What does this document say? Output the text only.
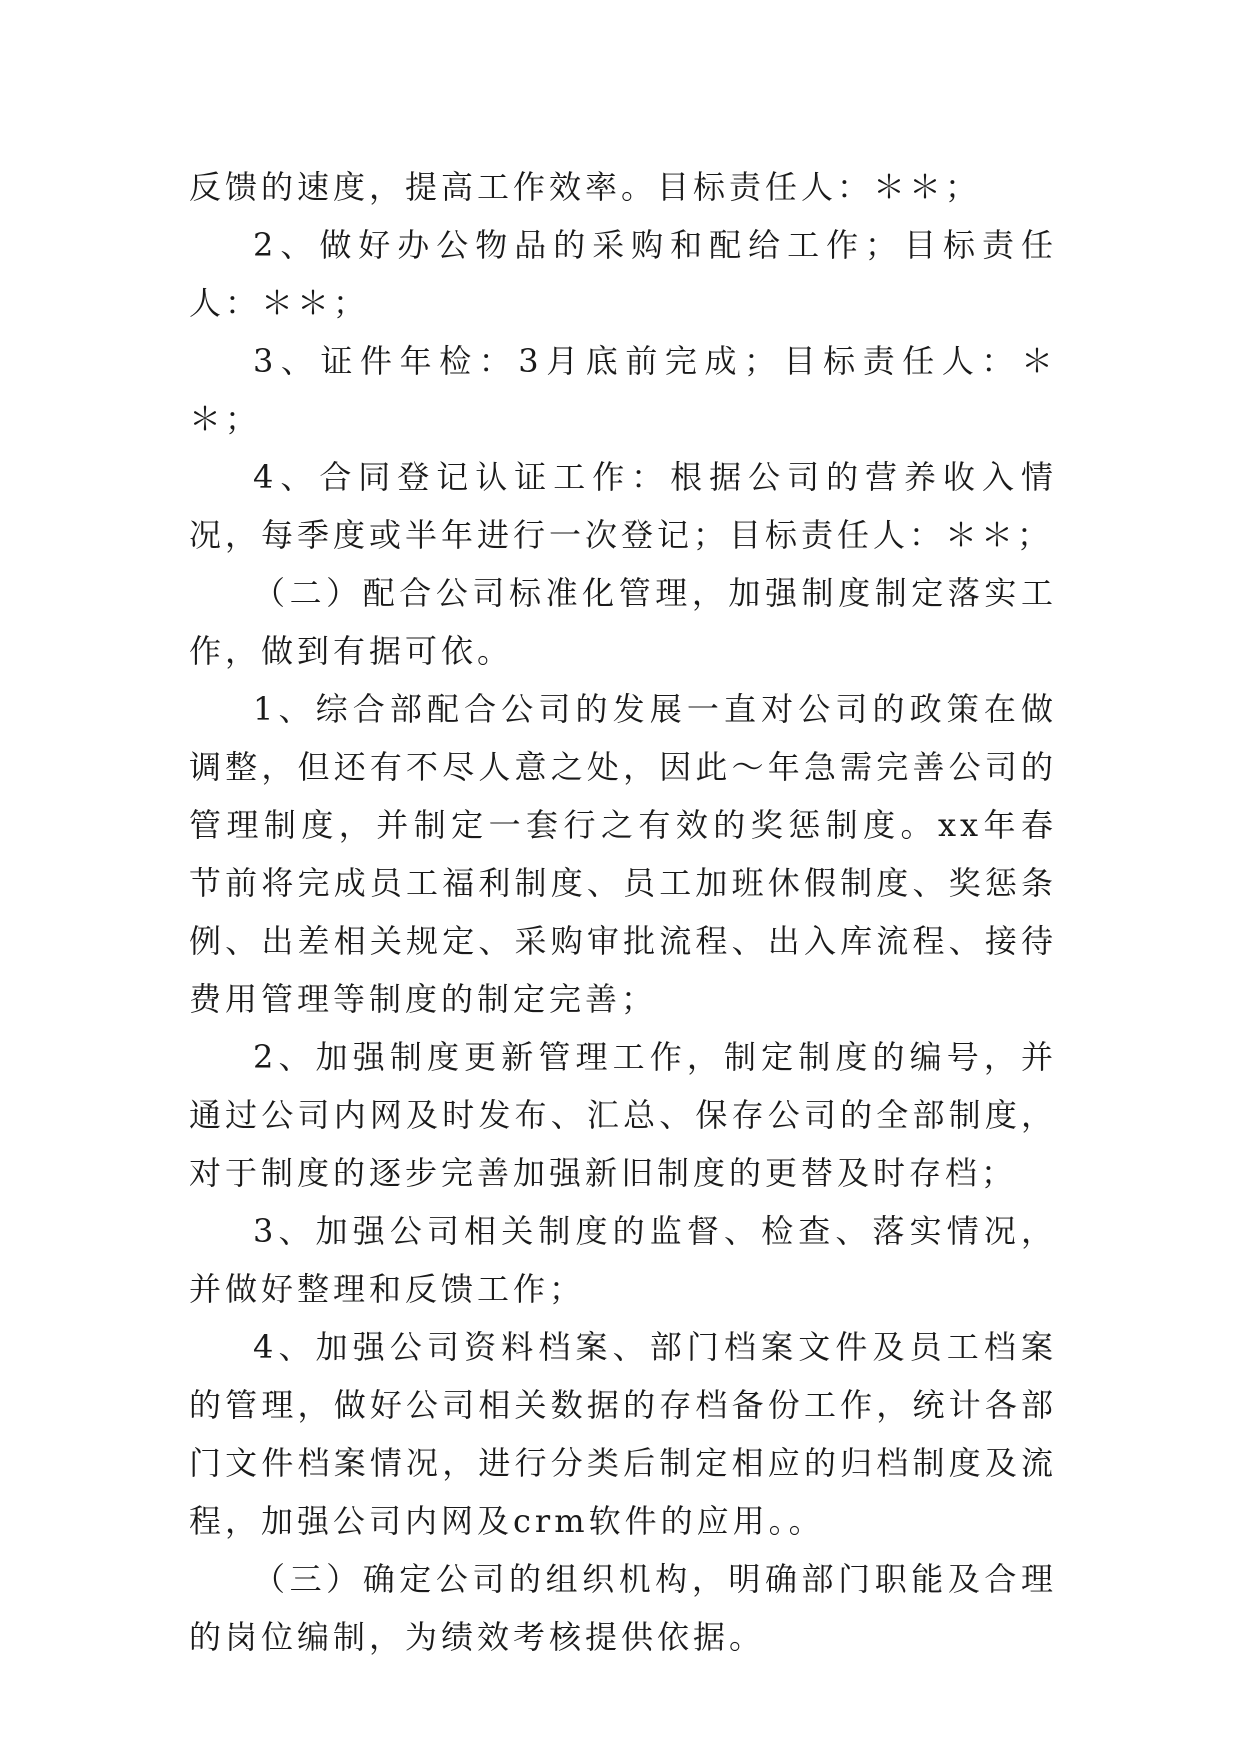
反馈的速度，提高工作效率。目标责任人：＊＊；

2、做好办公物品的采购和配给工作；目标责任人：＊＊；

3、证件年检：3月底前完成；目标责任人：＊＊；

4、合同登记认证工作：根据公司的营养收入情况，每季度或半年进行一次登记；目标责任人：＊＊；

（二）配合公司标准化管理，加强制度制定落实工作，做到有据可依。

1、综合部配合公司的发展一直对公司的政策在做调整，但还有不尽人意之处，因此～年急需完善公司的管理制度，并制定一套行之有效的奖惩制度。xx年春节前将完成员工福利制度、员工加班休假制度、奖惩条例、出差相关规定、采购审批流程、出入库流程、接待费用管理等制度的制定完善；

2、加强制度更新管理工作，制定制度的编号，并通过公司内网及时发布、汇总、保存公司的全部制度，对于制度的逐步完善加强新旧制度的更替及时存档；

3、加强公司相关制度的监督、检查、落实情况，并做好整理和反馈工作；

4、加强公司资料档案、部门档案文件及员工档案的管理，做好公司相关数据的存档备份工作，统计各部门文件档案情况，进行分类后制定相应的归档制度及流程，加强公司内网及crm软件的应用。。

（三）确定公司的组织机构，明确部门职能及合理的岗位编制，为绩效考核提供依据。
